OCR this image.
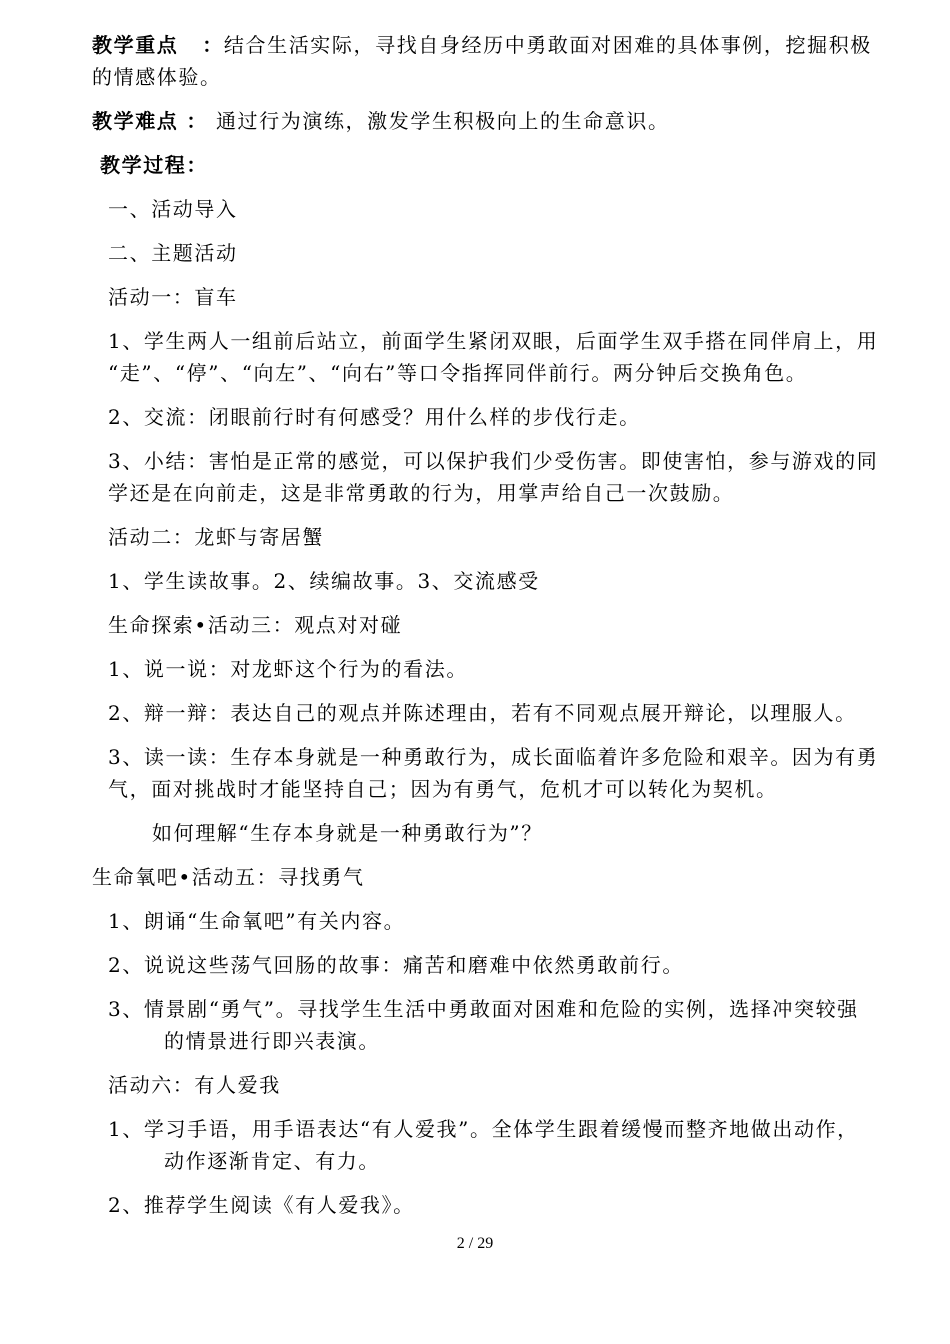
教学重点 ：结合生活实际，寻找自身经历中勇敢面对困难的具体事例，挖掘积极

的情感体验。

教学难点 ： 通过行为演练，激发学生积极向上的生命意识。

教学过程：

一、活动导入

二、主题活动

活动一：盲车

1、学生两人一组前后站立，前面学生紧闭双眼，后面学生双手搭在同伴肩上，用

“走”、“停”、“向左”、“向右”等口令指挥同伴前行。两分钟后交换角色。

2、交流：闭眼前行时有何感受？用什么样的步伐行走。

3、小结：害怕是正常的感觉，可以保护我们少受伤害。即使害怕，参与游戏的同

学还是在向前走，这是非常勇敢的行为，用掌声给自己一次鼓励。

活动二：龙虾与寄居蟹

1、学生读故事。2、续编故事。3、交流感受

生命探索•活动三：观点对对碰

1、说一说：对龙虾这个行为的看法。

2、辩一辩：表达自己的观点并陈述理由，若有不同观点展开辩论，以理服人。

3、读一读：生存本身就是一种勇敢行为，成长面临着许多危险和艰辛。因为有勇

气，面对挑战时才能坚持自己；因为有勇气，危机才可以转化为契机。

如何理解“生存本身就是一种勇敢行为”？

生命氧吧•活动五：寻找勇气

1、朗诵“生命氧吧”有关内容。

2、说说这些荡气回肠的故事：痛苦和磨难中依然勇敢前行。

3、情景剧“勇气”。寻找学生生活中勇敢面对困难和危险的实例，选择冲突较强

的情景进行即兴表演。

活动六：有人爱我

1、学习手语，用手语表达“有人爱我”。全体学生跟着缓慢而整齐地做出动作，

动作逐渐肯定、有力。

2、推荐学生阅读《有人爱我》。

2 / 29
